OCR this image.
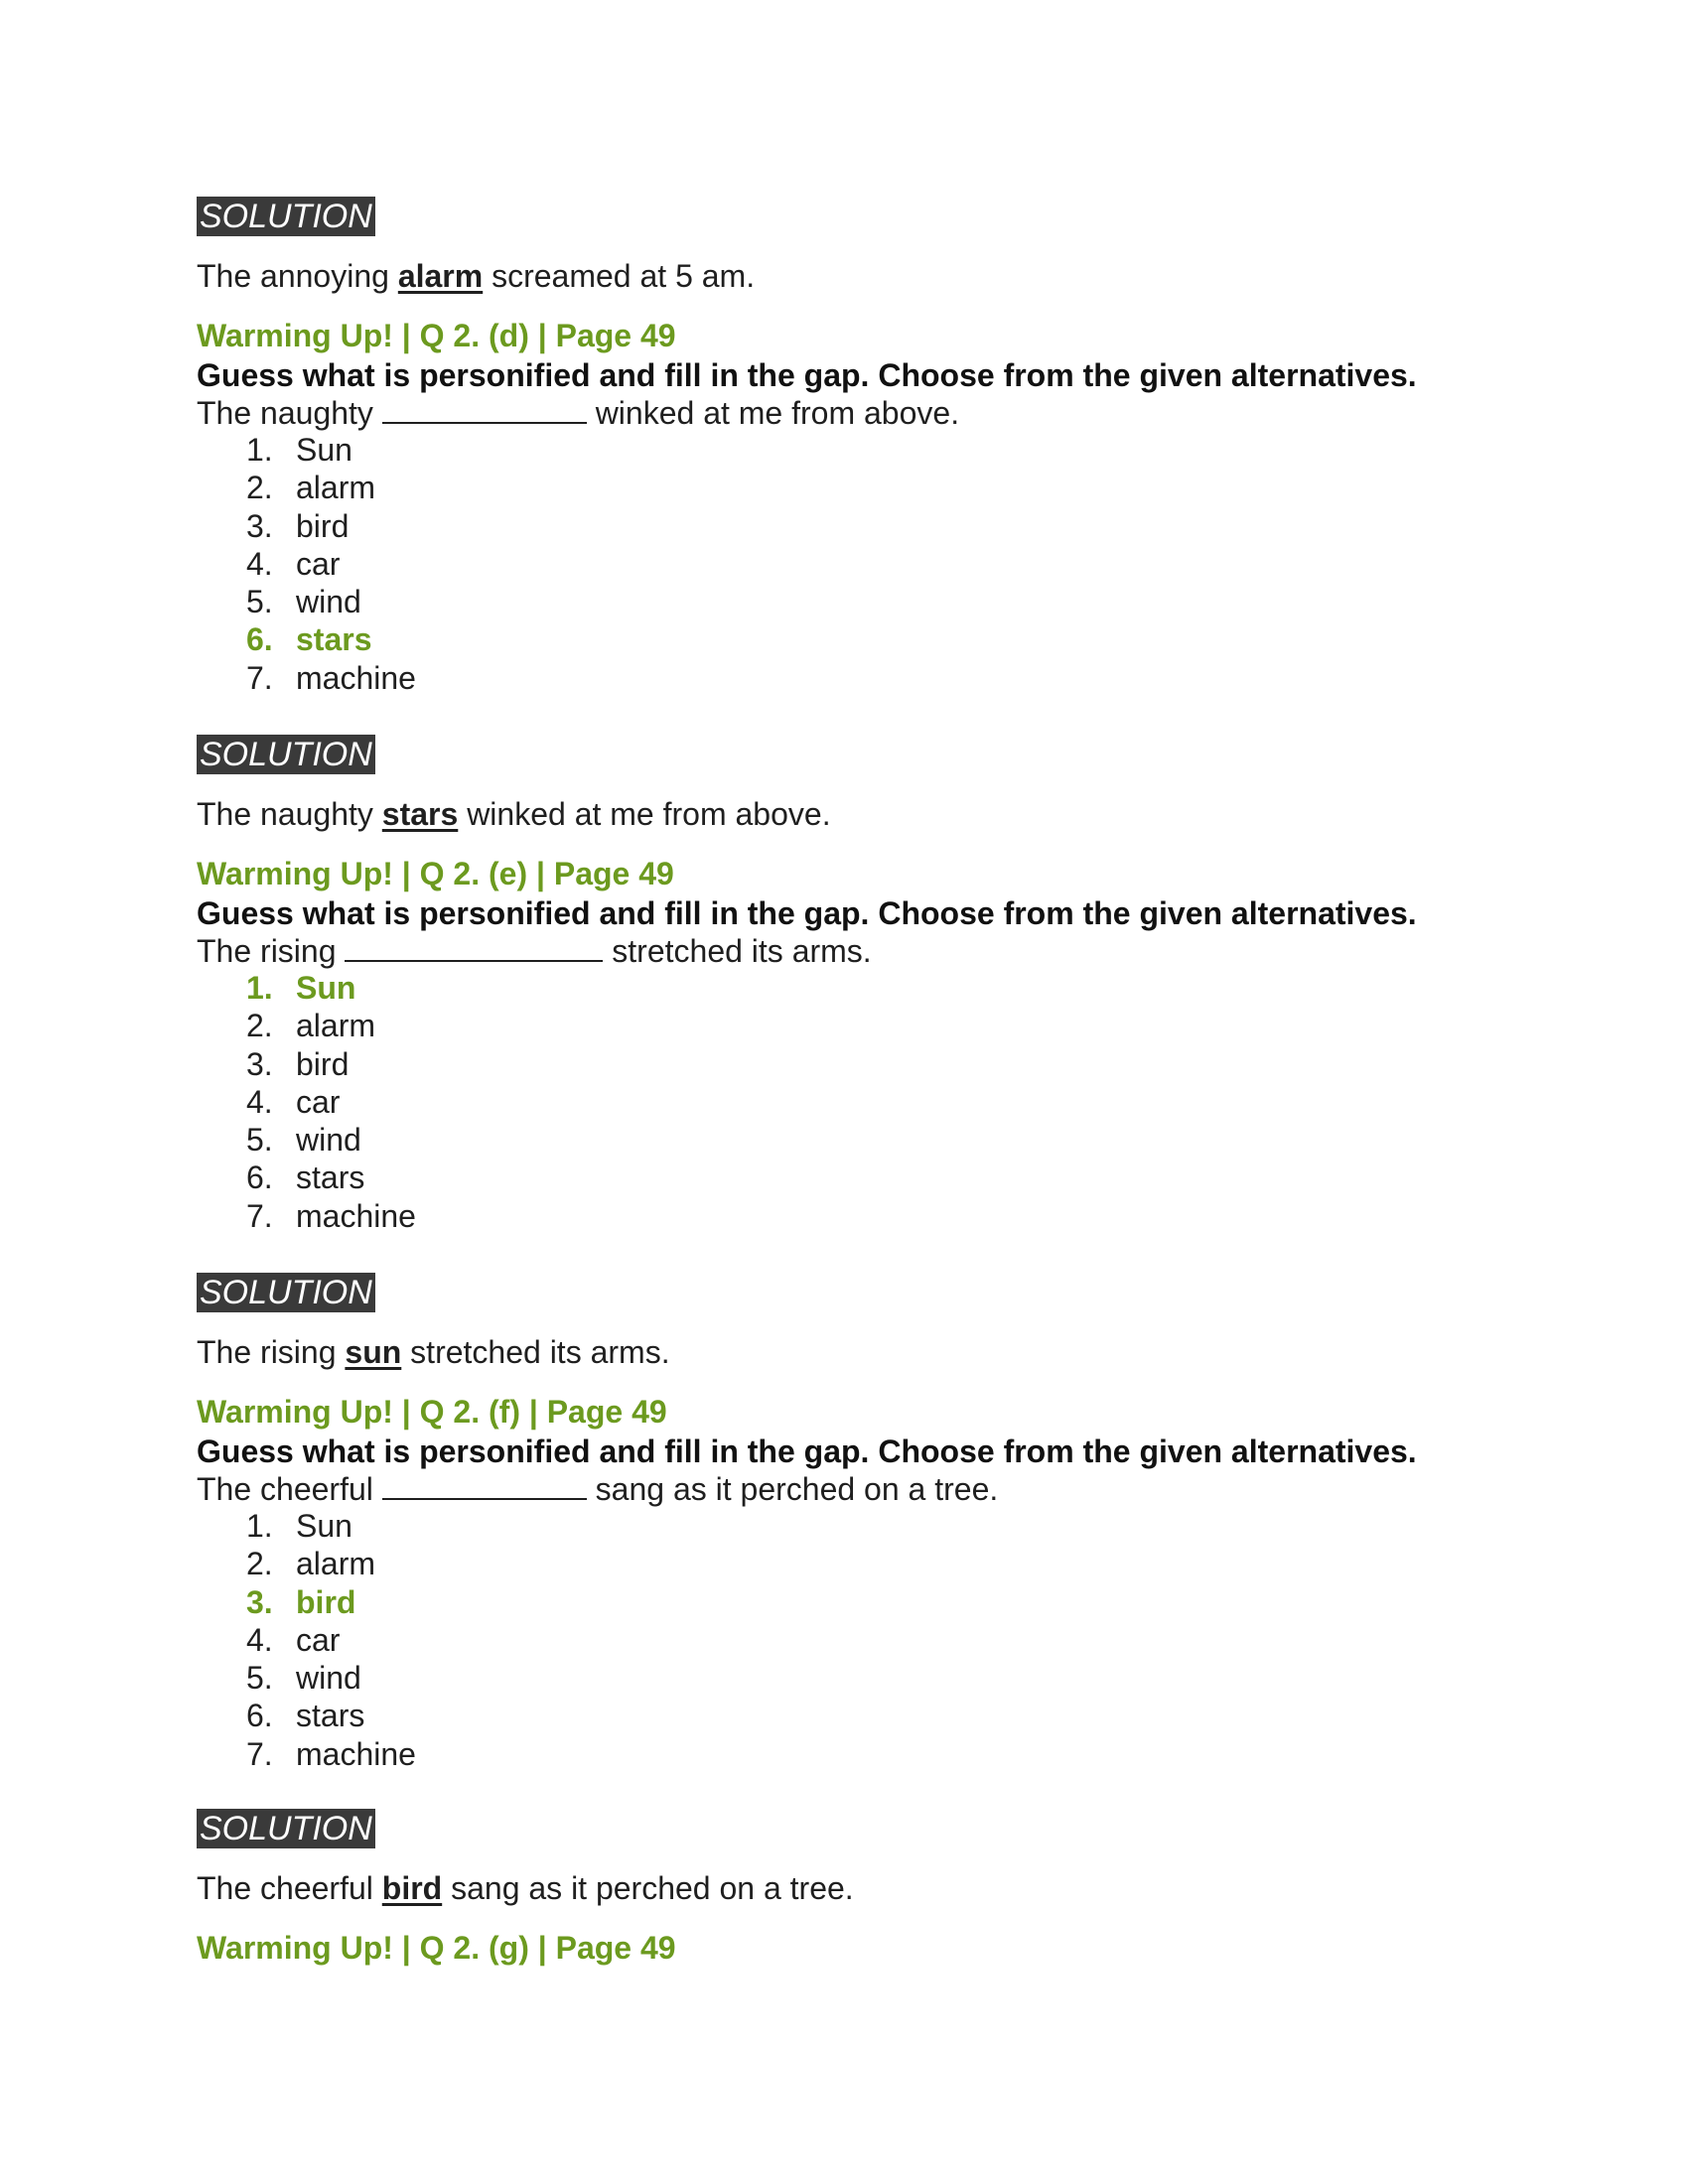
SOLUTION
The annoying alarm screamed at 5 am.
Warming Up! | Q 2. (d) | Page 49
Guess what is personified and fill in the gap. Choose from the given alternatives.
The naughty	winked at me from above.
1. Sun
2. alarm
3. bird
4. car
5. wind
6. stars
7. machine
SOLUTION
The naughty stars winked at me from above.
Warming Up! | Q 2. (e) | Page 49
Guess what is personified and fill in the gap. Choose from the given alternatives.
The rising	stretched its arms.
1. Sun
2. alarm
3. bird
4. car
5. wind
6. stars
7. machine
SOLUTION
The rising sun stretched its arms.
Warming Up! | Q 2. (f) | Page 49
Guess what is personified and fill in the gap. Choose from the given alternatives.
The cheerful	sang as it perched on a tree.
1. Sun
2. alarm
3. bird
4. car
5. wind
6. stars
7. machine
SOLUTION
The cheerful bird sang as it perched on a tree.
Warming Up! | Q 2. (g) | Page 49
